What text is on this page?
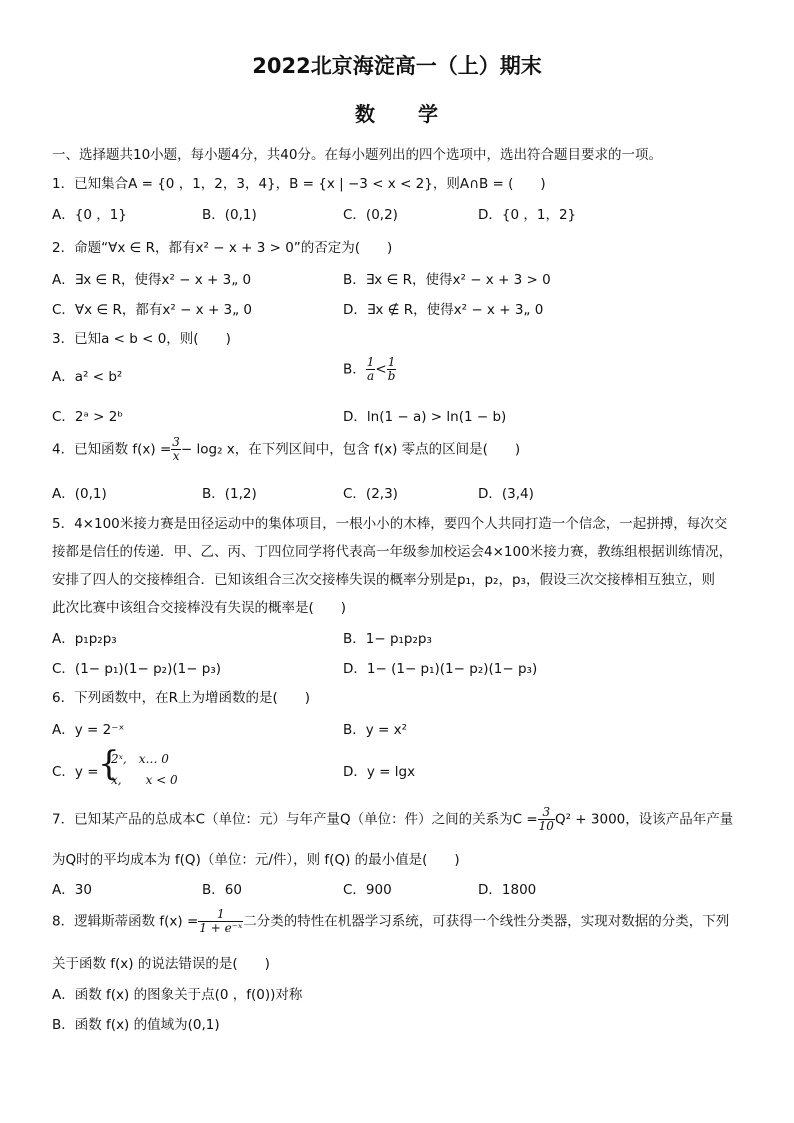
2022北京海淀高一（上）期末
数　　学
一、选择题共10小题，每小题4分，共40分。在每小题列出的四个选项中，选出符合题目要求的一项。
1．已知集合A = {0 ，1，2，3，4}，B = {x | −3 < x < 2}，则A∩B = (　　)
A．{0 ，1}	B．(0,1)	C．(0,2)	D．{0 ，1，2}
2．命题“∀x ∈ R，都有x² − x + 3 > 0”的否定为(　　)
A．∃x ∈ R，使得x² − x + 3„ 0	B．∃x ∈ R，使得x² − x + 3 > 0
C．∀x ∈ R，都有x² − x + 3„ 0	D．∃x ∉ R，使得x² − x + 3„ 0
3．已知a < b < 0，则(　　)
A．a² < b²	B． $\frac{1}{a} < \frac{1}{b}$
C．2ᵃ > 2ᵇ	D．ln(1 − a) > ln(1 − b)
4．已知函数 $f(x) = \frac{3}{x} - \log_2$ x，在下列区间中，包含 f(x) 零点的区间是(　　)
A．(0,1)	B．(1,2)	C．(2,3)	D．(3,4)
5．4×100米接力赛是田径运动中的集体项目，一根小小的木棒，要四个人共同打造一个信念，一起拼搏，每次交
接都是信任的传递．甲、乙、丙、丁四位同学将代表高一年级参加校运会4×100米接力赛，教练组根据训练情况，
安排了四人的交接棒组合．已知该组合三次交接棒失误的概率分别是p₁，p₂，p₃，假设三次交接棒相互独立，则
此次比赛中该组合交接棒没有失误的概率是(　　)
A．p₁p₂p₃	B．1− p₁p₂p₃
C．(1− p₁)(1− p₂)(1− p₃)	D．1− (1− p₁)(1− p₂)(1− p₃)
6．下列函数中，在R上为增函数的是(　　)
A．y = 2⁻ˣ	B．y = x²
C．y = {
2ˣ,　x… 0
x,　　x < 0	D．y = lgx
7．已知某产品的总成本C（单位：元）与年产量Q（单位：件）之间的关系为$C = \frac{3}{10} Q^2 + 3000$，设该产品年产量
为Q时的平均成本为 f(Q)（单位：元/件），则 f(Q) 的最小值是(　　)
A．30	B．60	C．900	D．1800
8．逻辑斯蒂函数 $f(x) = \frac{1}{\text{1 + e⁻ˣ}}$ 二分类的特性在机器学习系统，可获得一个线性分类器，实现对数据的分类，下列
关于函数 f(x) 的说法错误的是(　　)
A．函数 f(x) 的图象关于点(0 ，f(0))对称
B．函数 f(x) 的值域为(0,1)
